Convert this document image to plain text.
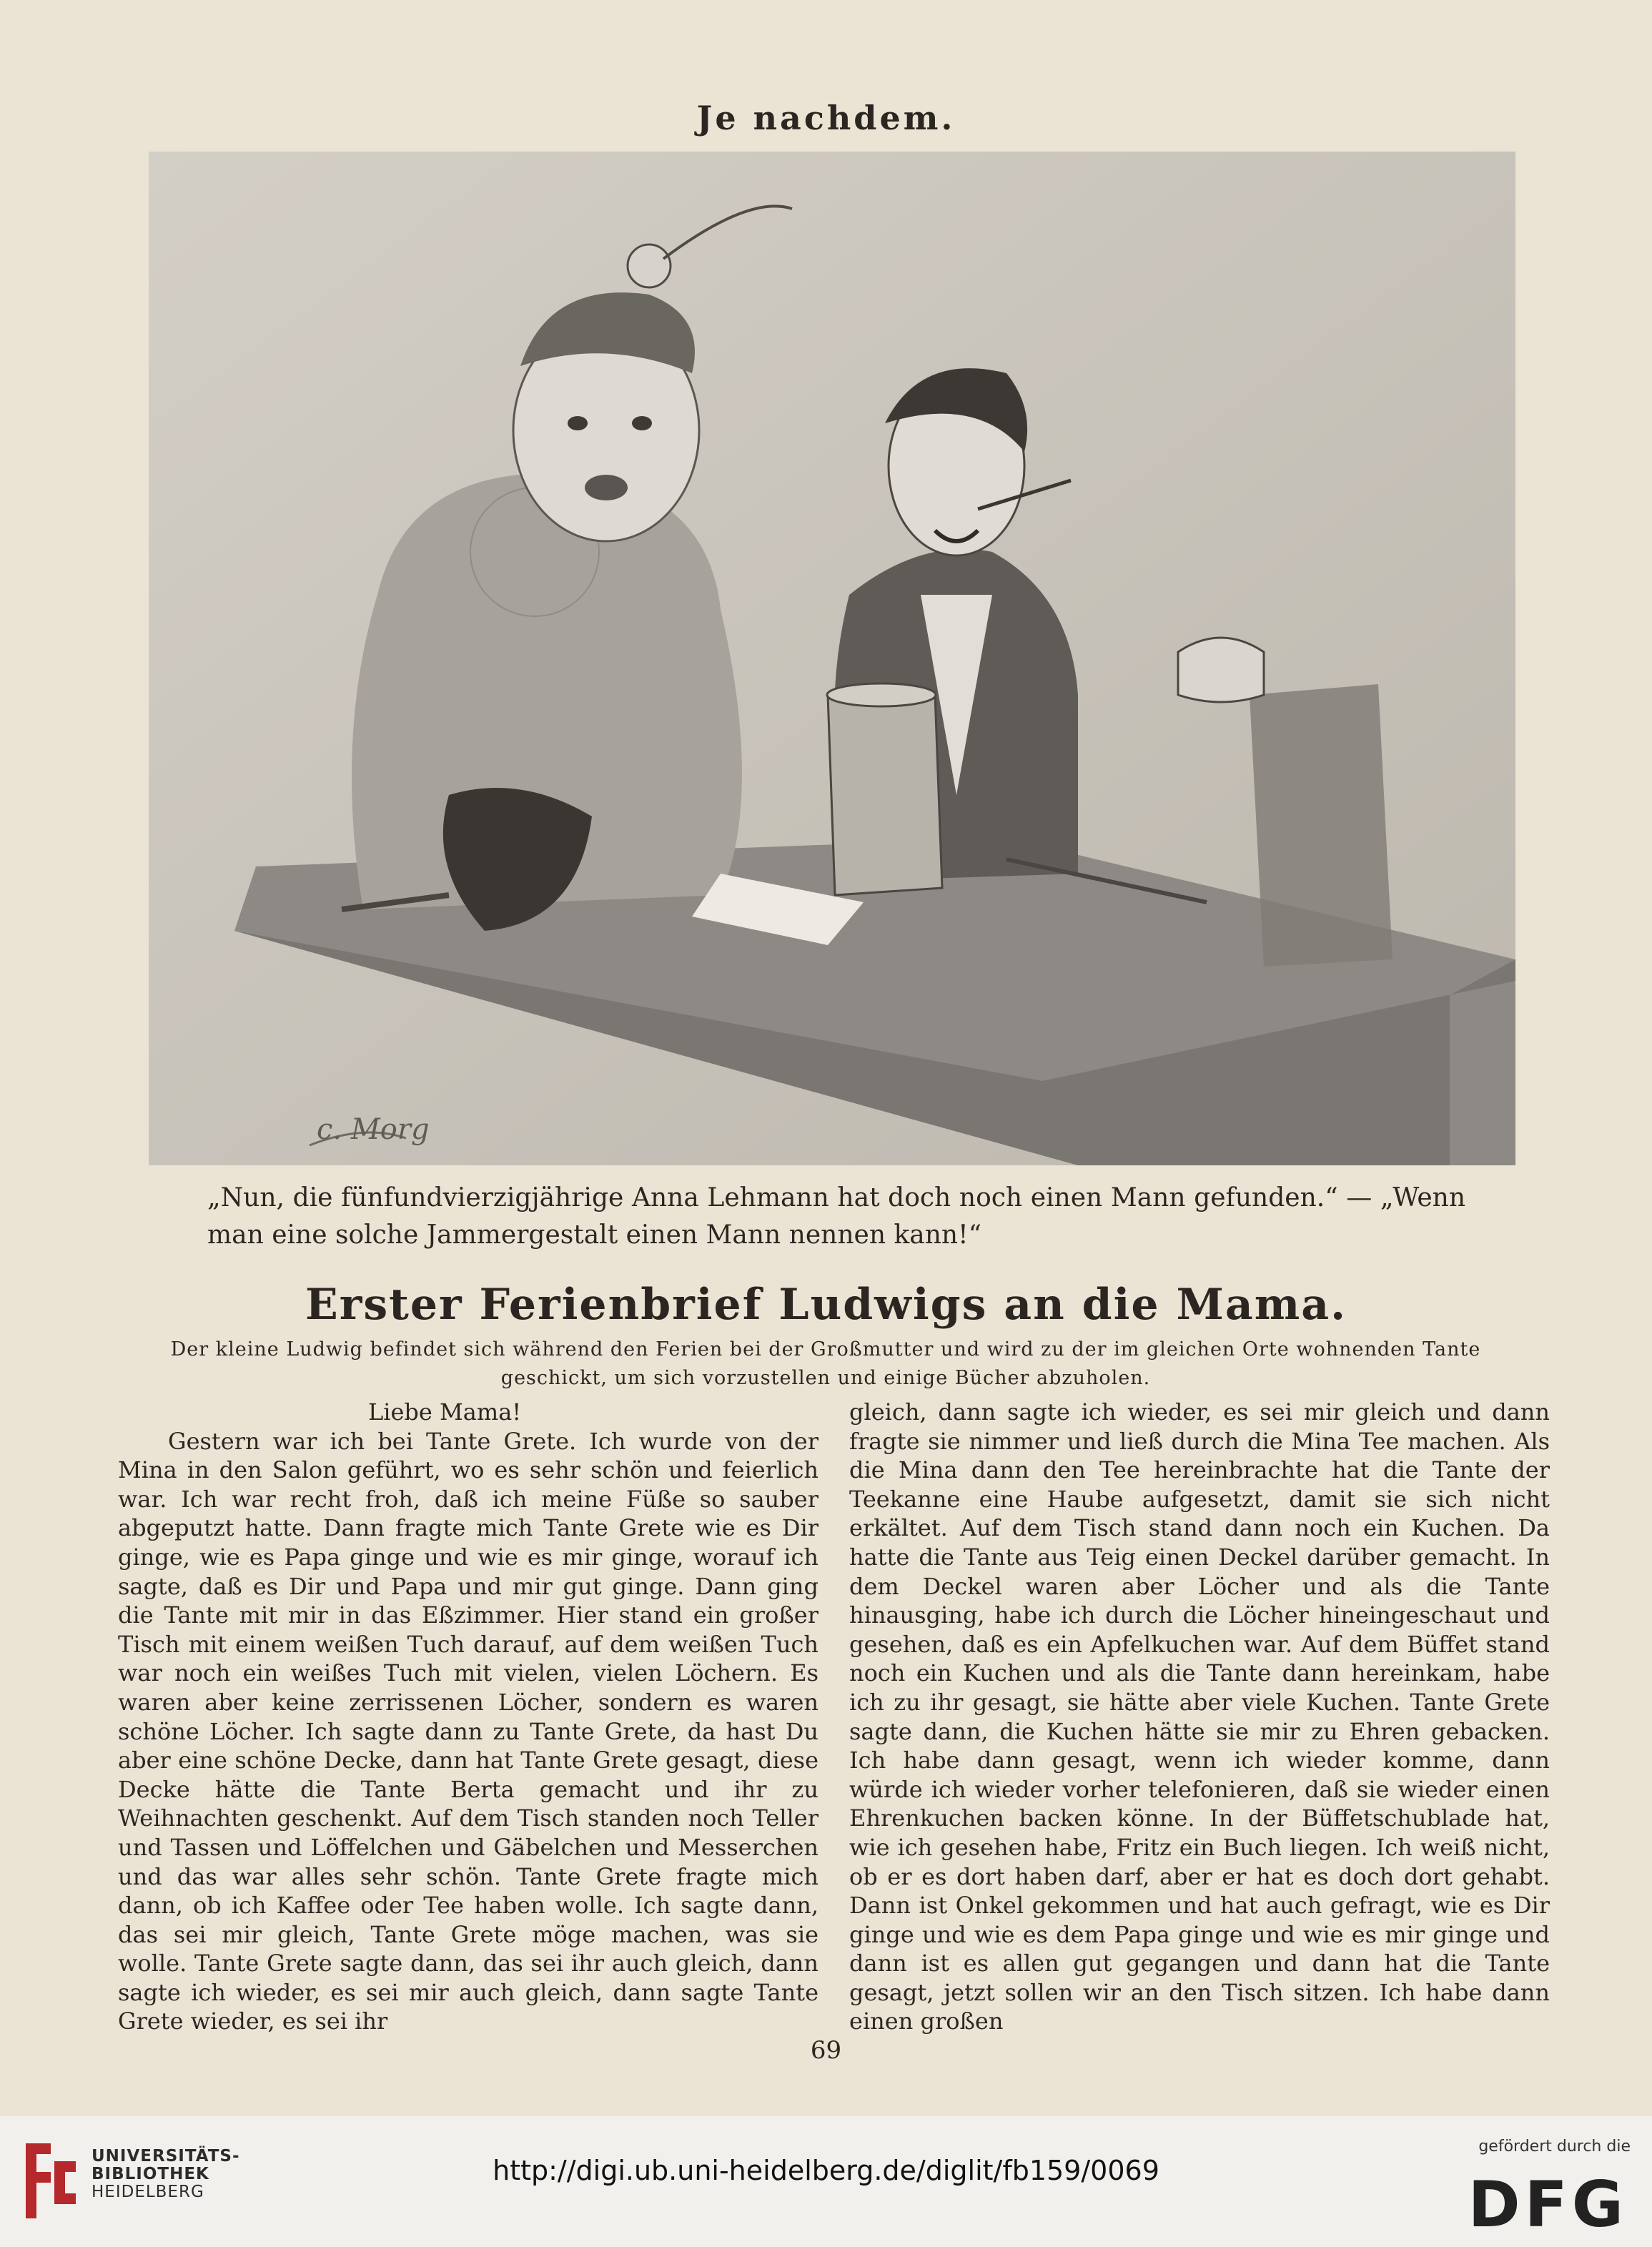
Je nachdem.
c. Morg
„Nun, die fünfundvierzigjährige Anna Lehmann hat doch noch einen Mann gefunden.“ — „Wenn man eine solche Jammergestalt einen Mann nennen kann!“
Erster Ferienbrief Ludwigs an die Mama.
Der kleine Ludwig befindet sich während den Ferien bei der Großmutter und wird zu der im gleichen Orte wohnenden Tante geschickt, um sich vorzustellen und einige Bücher abzuholen.

Liebe Mama!

Gestern war ich bei Tante Grete. Ich wurde von der Mina in den Salon geführt, wo es sehr schön und feierlich war. Ich war recht froh, daß ich meine Füße so sauber abgeputzt hatte. Dann fragte mich Tante Grete wie es Dir ginge, wie es Papa ginge und wie es mir ginge, worauf ich sagte, daß es Dir und Papa und mir gut ginge. Dann ging die Tante mit mir in das Eßzimmer. Hier stand ein großer Tisch mit einem weißen Tuch darauf, auf dem weißen Tuch war noch ein weißes Tuch mit vielen, vielen Löchern. Es waren aber keine zerrissenen Löcher, sondern es waren schöne Löcher. Ich sagte dann zu Tante Grete, da hast Du aber eine schöne Decke, dann hat Tante Grete gesagt, diese Decke hätte die Tante Berta gemacht und ihr zu Weihnachten geschenkt. Auf dem Tisch standen noch Teller und Tassen und Löffelchen und Gäbelchen und Messerchen und das war alles sehr schön. Tante Grete fragte mich dann, ob ich Kaffee oder Tee haben wolle. Ich sagte dann, das sei mir gleich, Tante Grete möge machen, was sie wolle. Tante Grete sagte dann, das sei ihr auch gleich, dann sagte ich wieder, es sei mir auch gleich, dann sagte Tante Grete wieder, es sei ihr

gleich, dann sagte ich wieder, es sei mir gleich und dann fragte sie nimmer und ließ durch die Mina Tee machen. Als die Mina dann den Tee hereinbrachte hat die Tante der Teekanne eine Haube aufgesetzt, damit sie sich nicht erkältet. Auf dem Tisch stand dann noch ein Kuchen. Da hatte die Tante aus Teig einen Deckel darüber gemacht. In dem Deckel waren aber Löcher und als die Tante hinausging, habe ich durch die Löcher hineingeschaut und gesehen, daß es ein Apfelkuchen war. Auf dem Büffet stand noch ein Kuchen und als die Tante dann hereinkam, habe ich zu ihr gesagt, sie hätte aber viele Kuchen. Tante Grete sagte dann, die Kuchen hätte sie mir zu Ehren gebacken. Ich habe dann gesagt, wenn ich wieder komme, dann würde ich wieder vorher telefonieren, daß sie wieder einen Ehrenkuchen backen könne. In der Büffetschublade hat, wie ich gesehen habe, Fritz ein Buch liegen. Ich weiß nicht, ob er es dort haben darf, aber er hat es doch dort gehabt. Dann ist Onkel gekommen und hat auch gefragt, wie es Dir ginge und wie es dem Papa ginge und wie es mir ginge und dann ist es allen gut gegangen und dann hat die Tante gesagt, jetzt sollen wir an den Tisch sitzen. Ich habe dann einen großen

69
UNIVERSITÄTS-
BIBLIOTHEK
HEIDELBERG
http://digi.ub.uni-heidelberg.de/diglit/fb159/0069
gefördert durch die
DFG
